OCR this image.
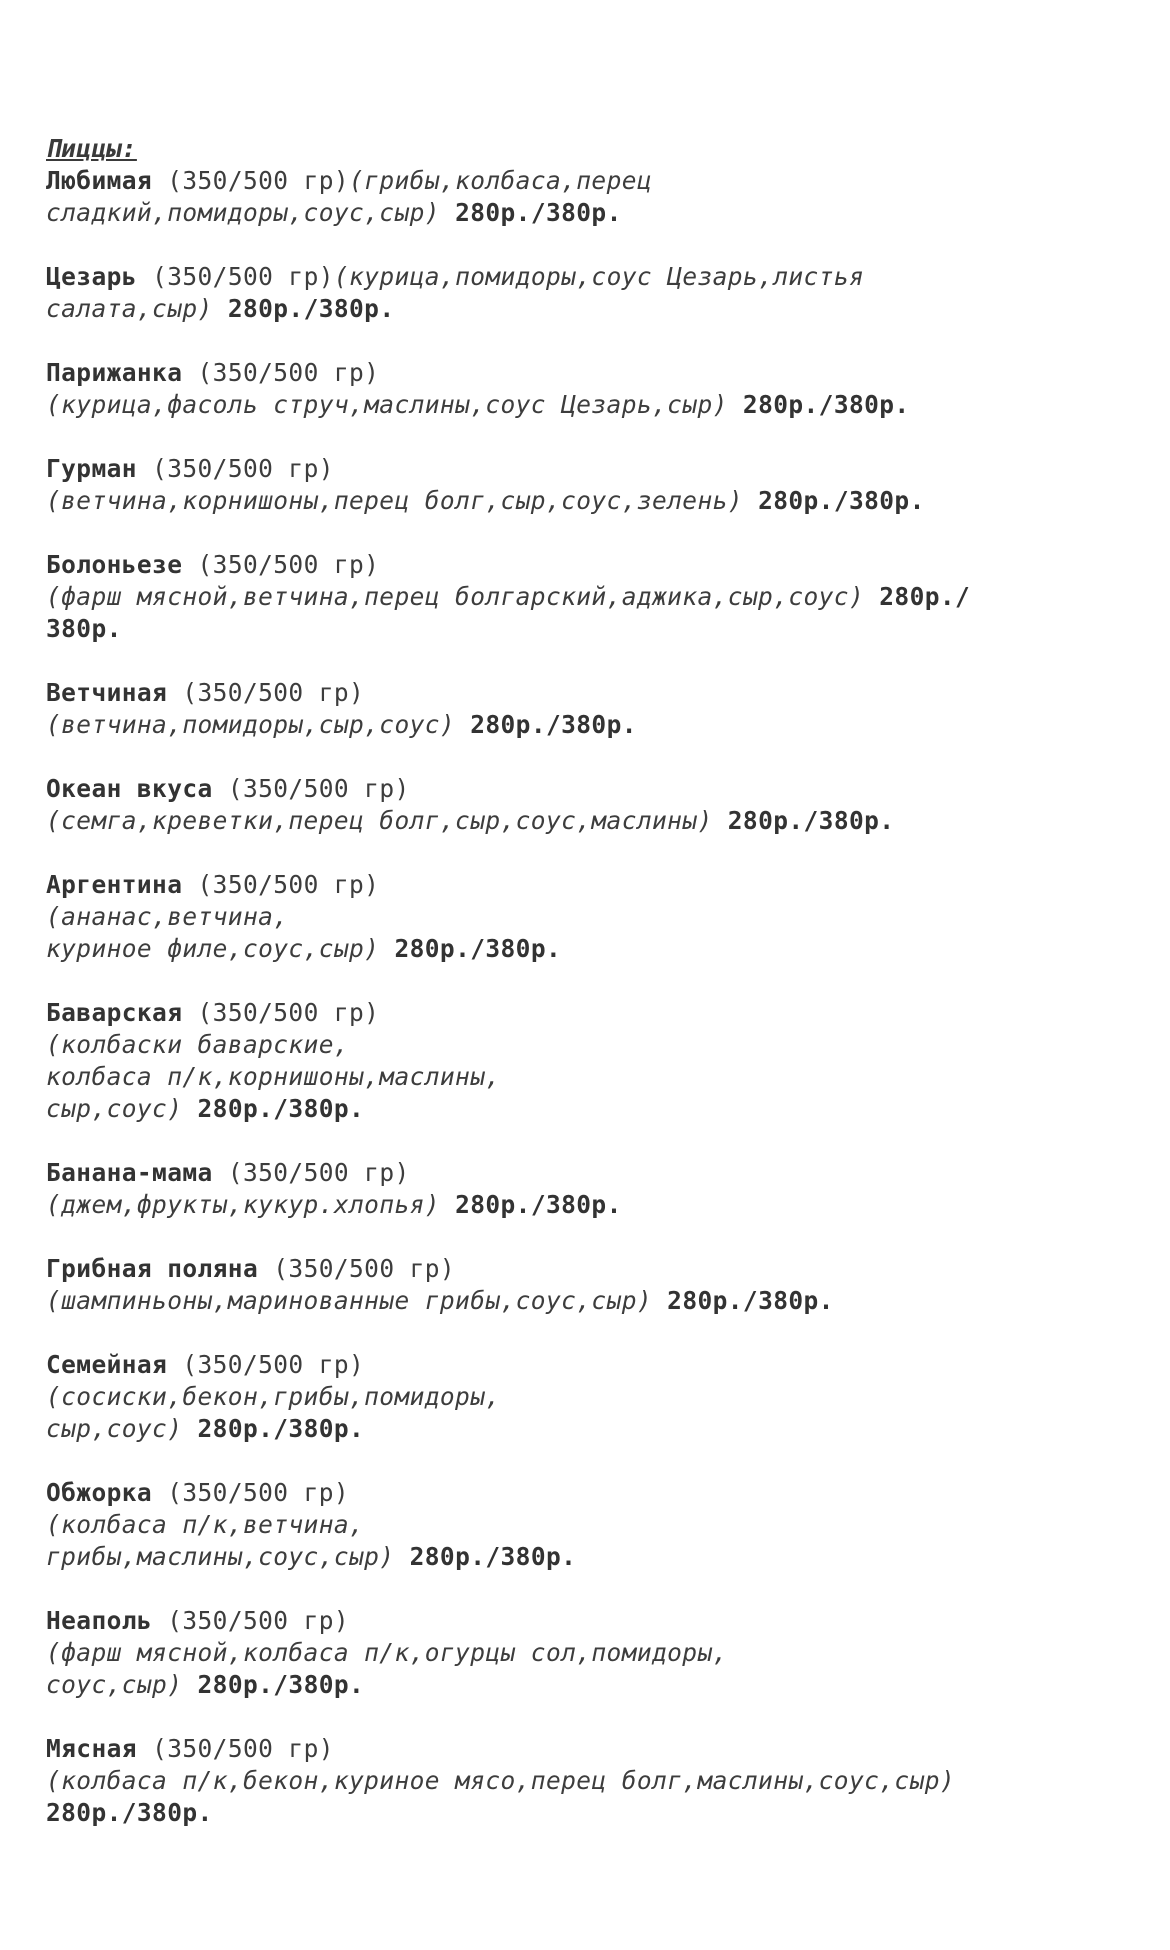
Пиццы:
Любимая (350/500 гр)(грибы,колбаса,перец
сладкий,помидоры,соус,сыр) 280р./380р.
Цезарь (350/500 гр)(курица,помидоры,соус Цезарь,листья
салата,сыр) 280р./380р.
Парижанка (350/500 гр)
(курица,фасоль струч,маслины,соус Цезарь,сыр) 280р./380р.
Гурман (350/500 гр)
(ветчина,корнишоны,перец болг,сыр,соус,зелень) 280р./380р.
Болоньезе (350/500 гр)
(фарш мясной,ветчина,перец болгарский,аджика,сыр,соус) 280р./
380р.
Ветчиная (350/500 гр)
(ветчина,помидоры,сыр,соус) 280р./380р.
Океан вкуса (350/500 гр)
(семга,креветки,перец болг,сыр,соус,маслины) 280р./380р.
Аргентина (350/500 гр)
(ананас,ветчина,
куриное филе,соус,сыр) 280р./380р.
Баварская (350/500 гр)
(колбаски баварские,
колбаса п/к,корнишоны,маслины,
сыр,соус) 280р./380р.
Банана-мама (350/500 гр)
(джем,фрукты,кукур.хлопья) 280р./380р.
Грибная поляна (350/500 гр)
(шампиньоны,маринованные грибы,соус,сыр) 280р./380р.
Семейная (350/500 гр)
(сосиски,бекон,грибы,помидоры,
сыр,соус) 280р./380р.
Обжорка (350/500 гр)
(колбаса п/к,ветчина,
грибы,маслины,соус,сыр) 280р./380р.
Неаполь (350/500 гр)
(фарш мясной,колбаса п/к,огурцы сол,помидоры,
соус,сыр) 280р./380р.
Мясная (350/500 гр)
(колбаса п/к,бекон,куриное мясо,перец болг,маслины,соус,сыр)
280р./380р.
